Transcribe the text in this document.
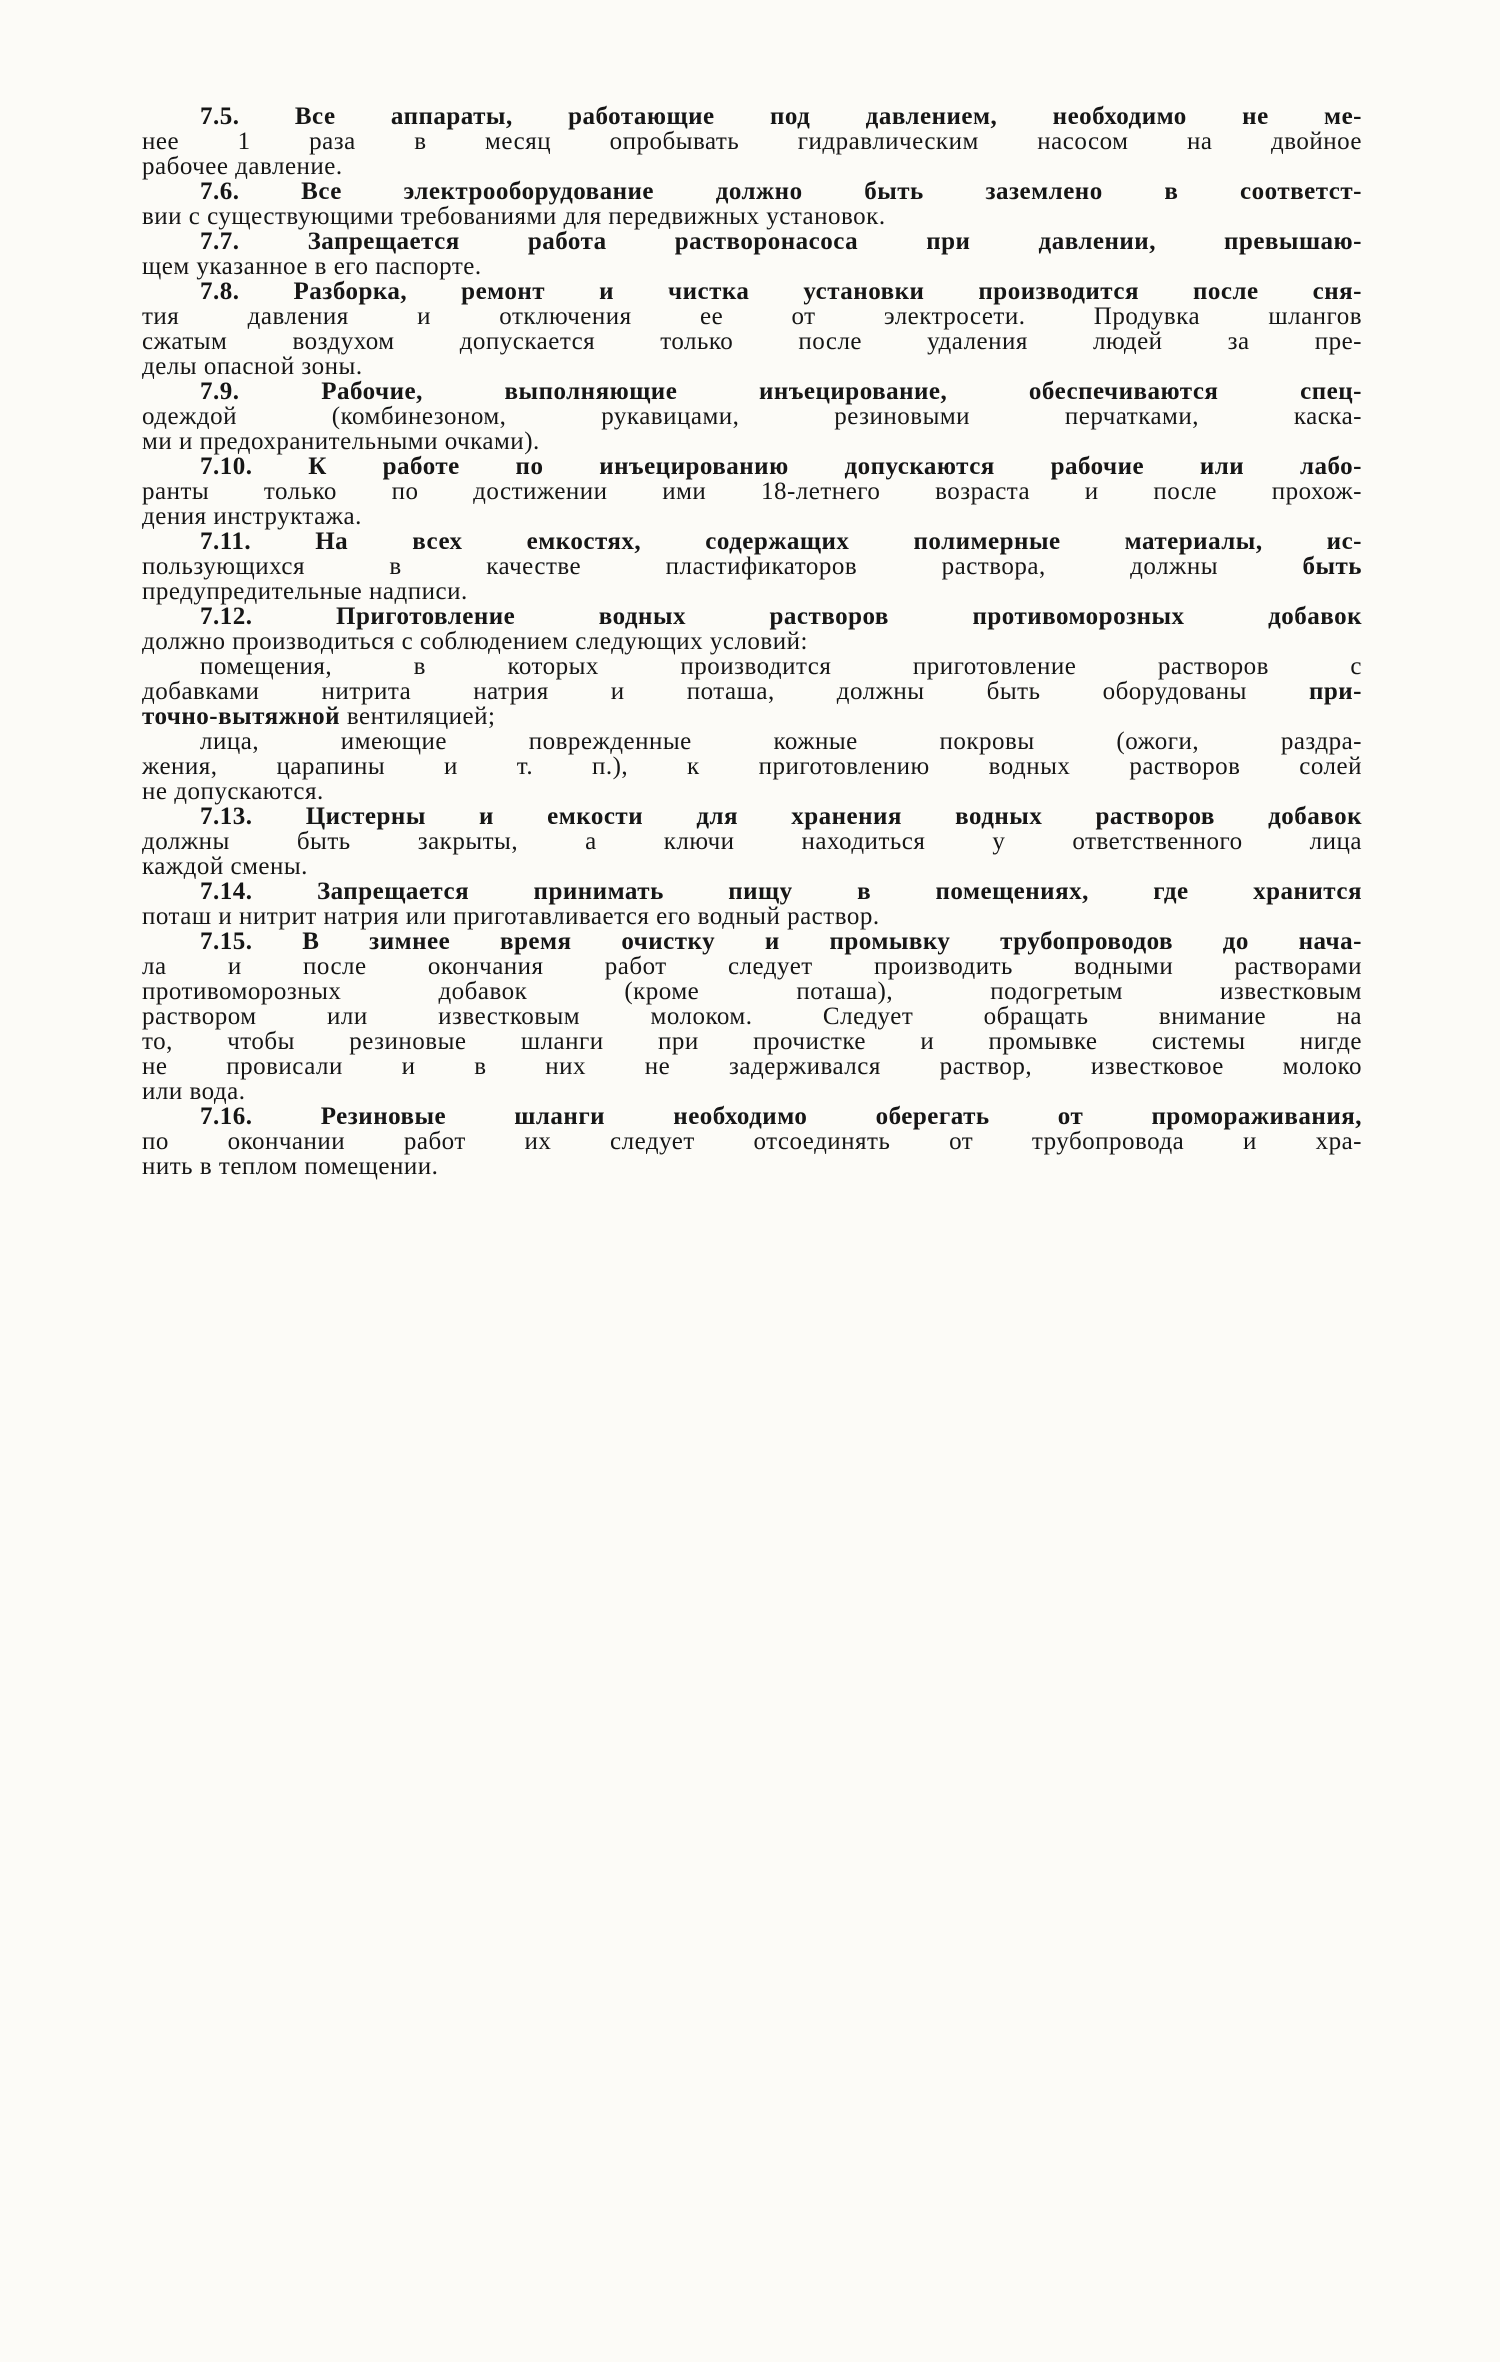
7.5. Все аппараты, работающие под давлением, необходимо не ме-
нее 1 раза в месяц опробывать гидравлическим насосом на двойное
рабочее давление.
7.6. Все электрооборудование должно быть заземлено в соответст-
вии с существующими требованиями для передвижных установок.
7.7. Запрещается работа растворонасоса при давлении, превышаю-
щем указанное в его паспорте.
7.8. Разборка, ремонт и чистка установки производится после сня-
тия давления и отключения ее от электросети. Продувка шлангов
сжатым воздухом допускается только после удаления людей за пре-
делы опасной зоны.
7.9. Рабочие, выполняющие инъецирование, обеспечиваются спец-
одеждой (комбинезоном, рукавицами, резиновыми перчатками, каска-
ми и предохранительными очками).
7.10. К работе по инъецированию допускаются рабочие или лабо-
ранты только по достижении ими 18-летнего возраста и после прохож-
дения инструктажа.
7.11. На всех емкостях, содержащих полимерные материалы, ис-
пользующихся в качестве пластификаторов раствора, должны быть
предупредительные надписи.
7.12. Приготовление водных растворов противоморозных добавок
должно производиться с соблюдением следующих условий:
помещения, в которых производится приготовление растворов с
добавками нитрита натрия и поташа, должны быть оборудованы при-
точно-вытяжной вентиляцией;
лица, имеющие поврежденные кожные покровы (ожоги, раздра-
жения, царапины и т. п.), к приготовлению водных растворов солей
не допускаются.
7.13. Цистерны и емкости для хранения водных растворов добавок
должны быть закрыты, а ключи находиться у ответственного лица
каждой смены.
7.14. Запрещается принимать пищу в помещениях, где хранится
поташ и нитрит натрия или приготавливается его водный раствор.
7.15. В зимнее время очистку и промывку трубопроводов до нача-
ла и после окончания работ следует производить водными растворами
противоморозных добавок (кроме поташа), подогретым известковым
раствором или известковым молоком. Следует обращать внимание на
то, чтобы резиновые шланги при прочистке и промывке системы нигде
не провисали и в них не задерживался раствор, известковое молоко
или вода.
7.16. Резиновые шланги необходимо оберегать от промораживания,
по окончании работ их следует отсоединять от трубопровода и хра-
нить в теплом помещении.
